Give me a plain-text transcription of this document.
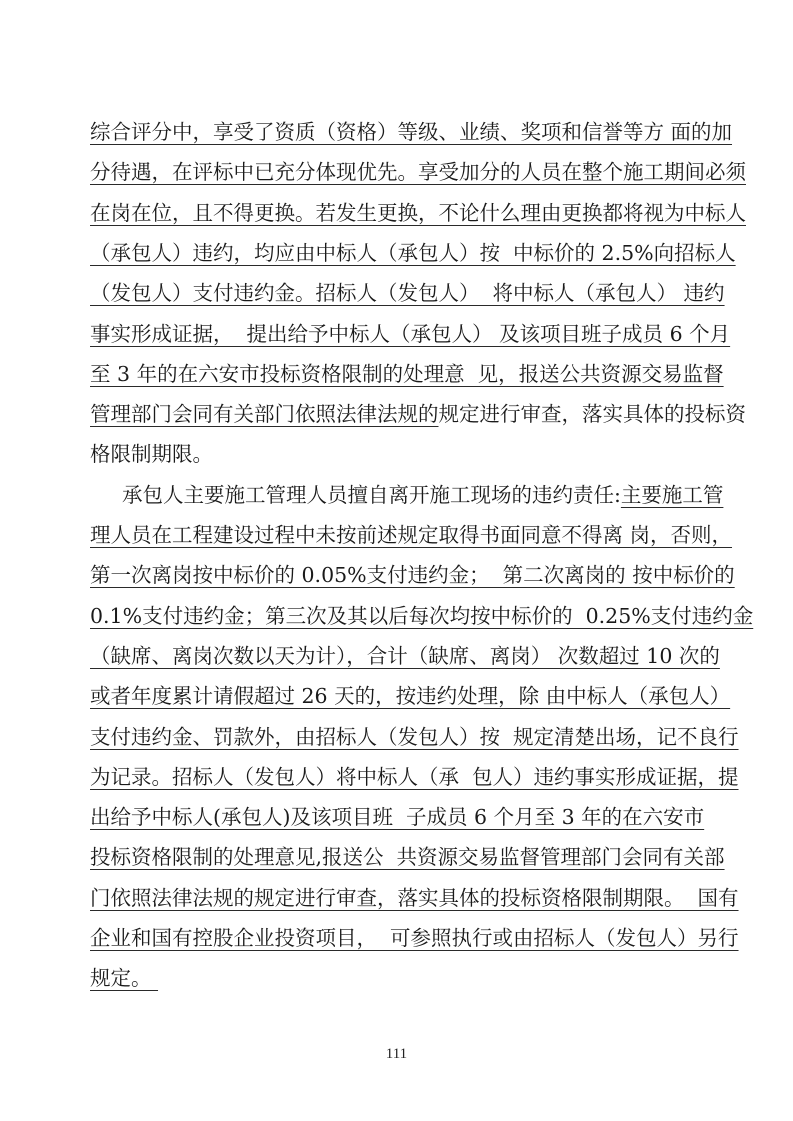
综合评分中，享受了资质（资格）等级、业绩、奖项和信誉等方 面的加
分待遇，在评标中已充分体现优先。享受加分的人员在整个施工期间必须
在岗在位，且不得更换。若发生更换，不论什么理由更换都将视为中标人
（承包人）违约，均应由中标人（承包人）按  中标价的 2.5%向招标人
（发包人）支付违约金。招标人（发包人）  将中标人（承包人） 违约
事实形成证据，  提出给予中标人（承包人） 及该项目班子成员 6 个月
至 3 年的在六安市投标资格限制的处理意  见，报送公共资源交易监督
管理部门会同有关部门依照法律法规的规定进行审查，落实具体的投标资
格限制期限。
承包人主要施工管理人员擅自离开施工现场的违约责任:主要施工管
理人员在工程建设过程中未按前述规定取得书面同意不得离 岗，否则，
第一次离岗按中标价的 0.05%支付违约金；  第二次离岗的 按中标价的
0.1%支付违约金；第三次及其以后每次均按中标价的  0.25%支付违约金
（缺席、离岗次数以天为计），合计（缺席、离岗） 次数超过 10 次的
或者年度累计请假超过 26 天的，按违约处理，除 由中标人（承包人）
支付违约金、罚款外，由招标人（发包人）按  规定清楚出场，记不良行
为记录。招标人（发包人）将中标人（承  包人）违约事实形成证据，提
出给予中标人(承包人)及该项目班  子成员 6 个月至 3 年的在六安市
投标资格限制的处理意见,报送公  共资源交易监督管理部门会同有关部
门依照法律法规的规定进行审查，落实具体的投标资格限制期限。  国有
企业和国有控股企业投资项目，  可参照执行或由招标人（发包人）另行
规定。
111
